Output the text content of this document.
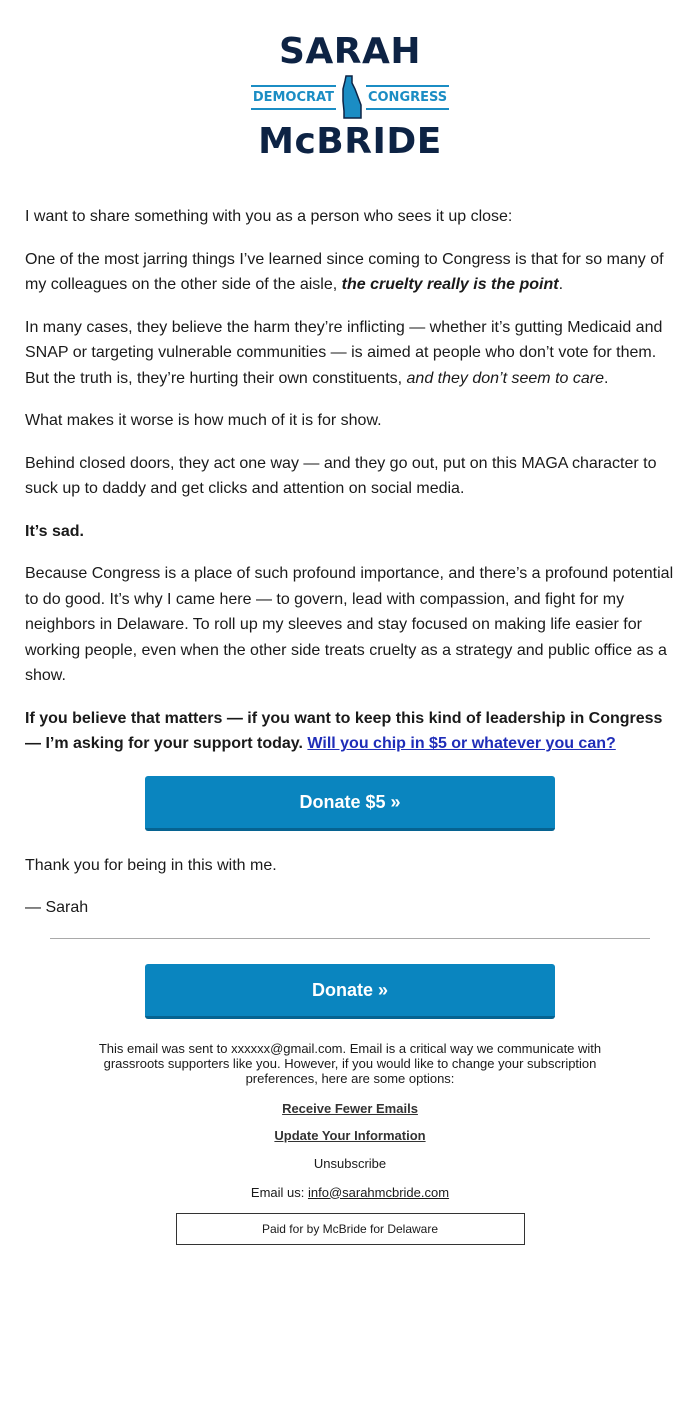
SARAH
DEMOCRAT	CONGRESS
McBRIDE

I want to share something with you as a person who sees it up close:

One of the most jarring things I’ve learned since coming to Congress is that for so many of my colleagues on the other side of the aisle, the cruelty really is the point.

In many cases, they believe the harm they’re inflicting — whether it’s gutting Medicaid and SNAP or targeting vulnerable communities — is aimed at people who don’t vote for them. But the truth is, they’re hurting their own constituents, and they don’t seem to care.

What makes it worse is how much of it is for show.

Behind closed doors, they act one way — and they go out, put on this MAGA character to suck up to daddy and get clicks and attention on social media.

It’s sad.

Because Congress is a place of such profound importance, and there’s a profound potential to do good. It’s why I came here — to govern, lead with compassion, and fight for my neighbors in Delaware. To roll up my sleeves and stay focused on making life easier for working people, even when the other side treats cruelty as a strategy and public office as a show.

If you believe that matters — if you want to keep this kind of leadership in Congress — I’m asking for your support today. Will you chip in $5 or whatever you can?

Donate $5 »

Thank you for being in this with me.

— Sarah

Donate »
This email was sent to xxxxxx@gmail.com. Email is a critical way we communicate with grassroots supporters like you. However, if you would like to change your subscription preferences, here are some options:
Receive Fewer Emails
Update Your Information
Unsubscribe
Email us: info@sarahmcbride.com
Paid for by McBride for Delaware
